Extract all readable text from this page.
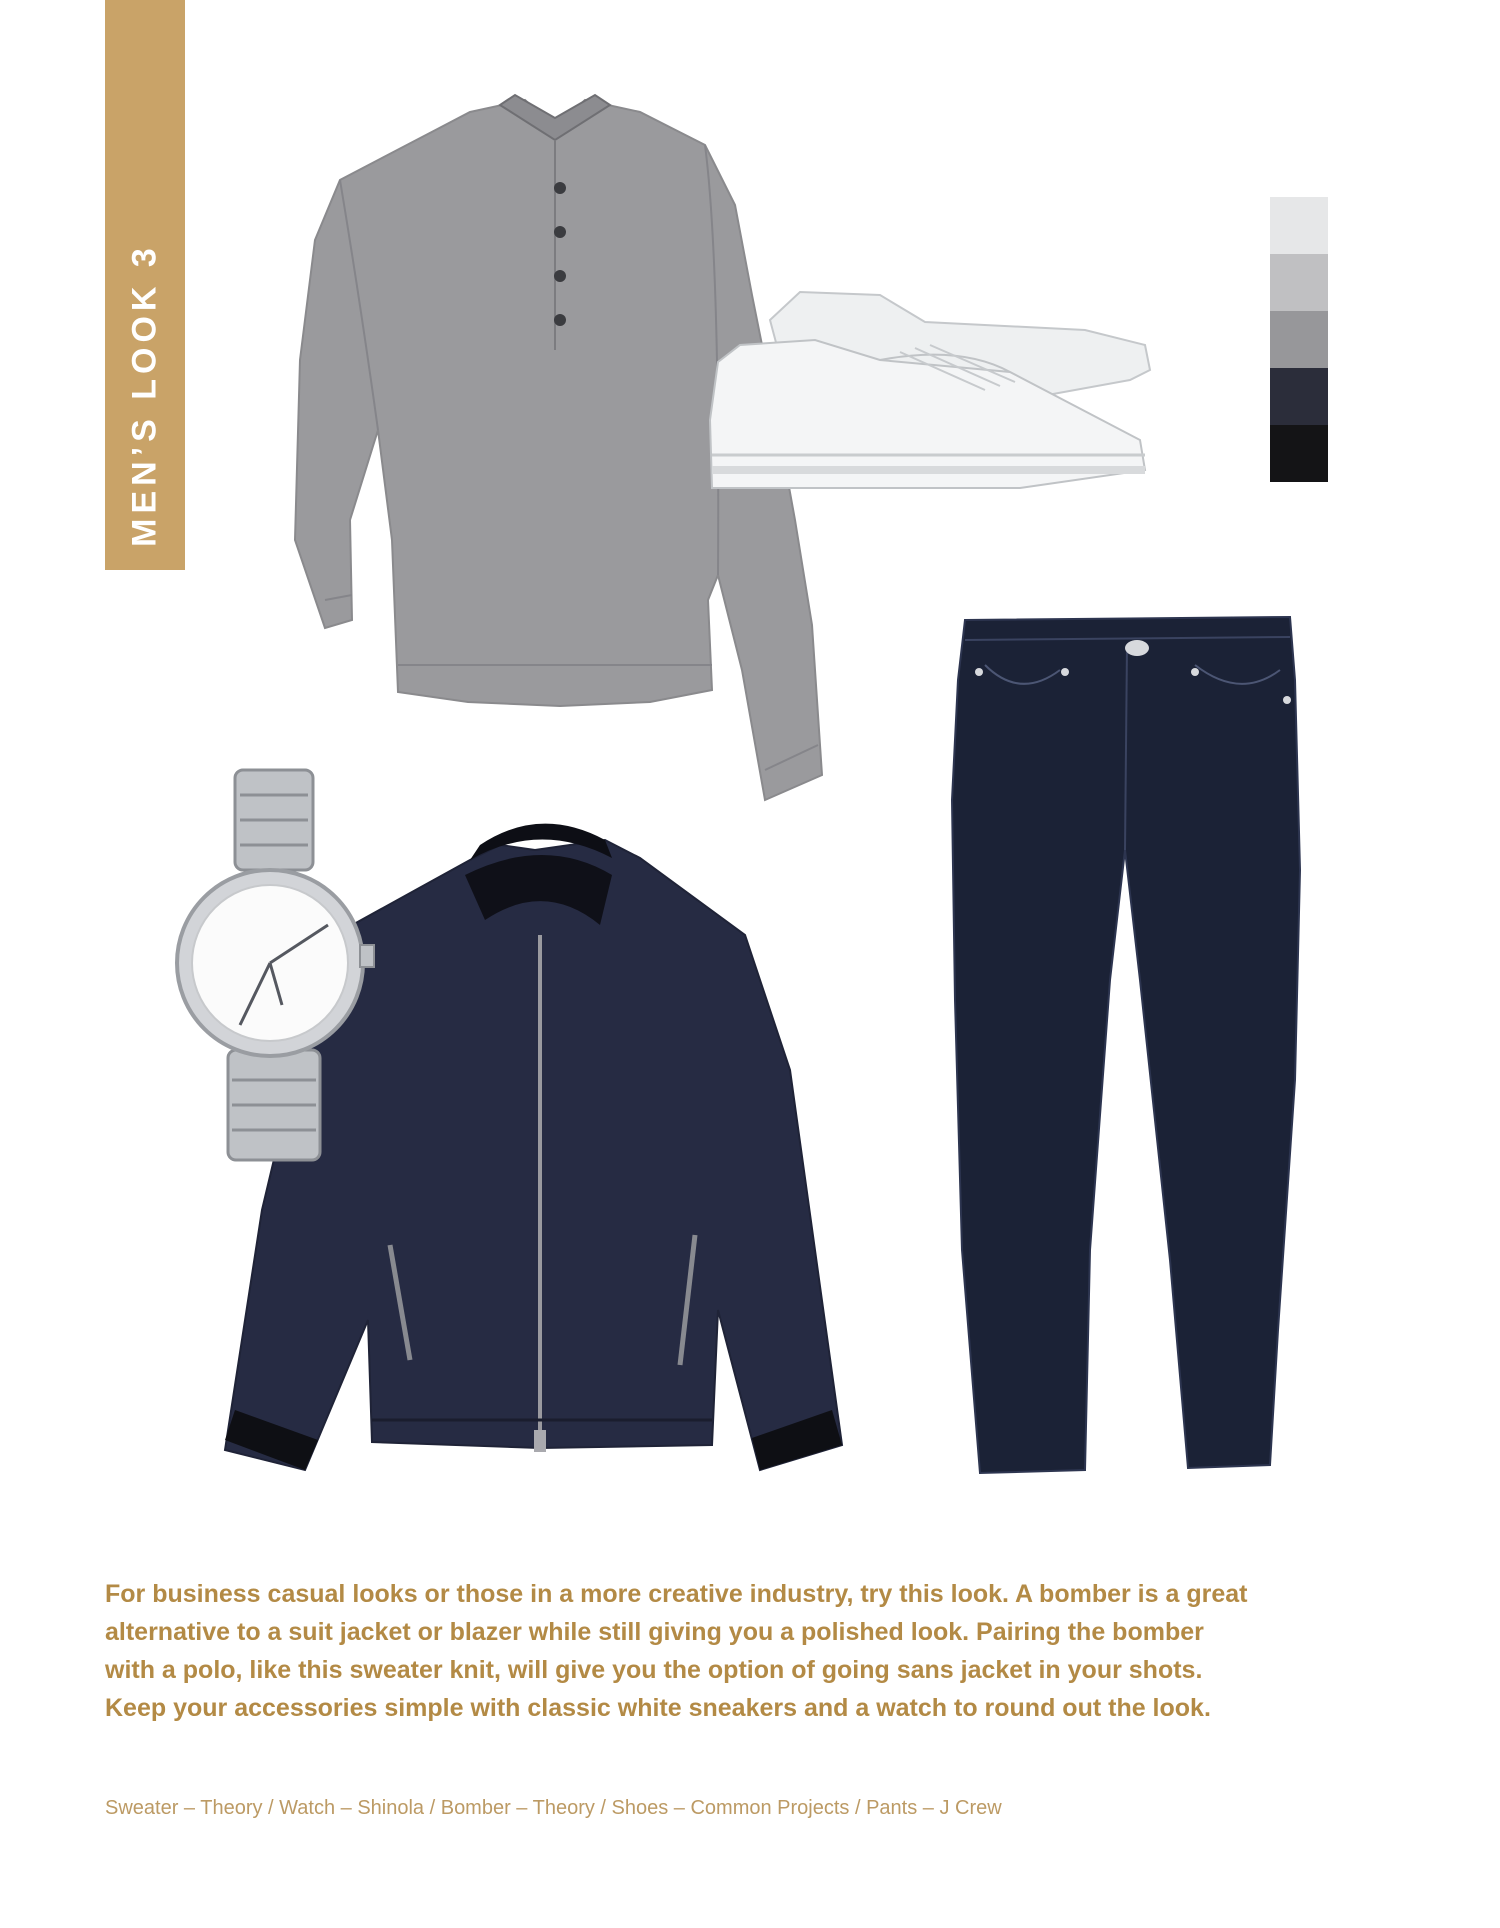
MEN’S LOOK 3

For business casual looks or those in a more creative industry, try this look. A bomber is a great alternative to a suit jacket or blazer while still giving you a polished look. Pairing the bomber with a polo, like this sweater knit, will give you the option of going sans jacket in your shots. Keep your accessories simple with classic white sneakers and a watch to round out the look.

Sweater – Theory / Watch – Shinola / Bomber – Theory / Shoes – Common Projects / Pants – J Crew
